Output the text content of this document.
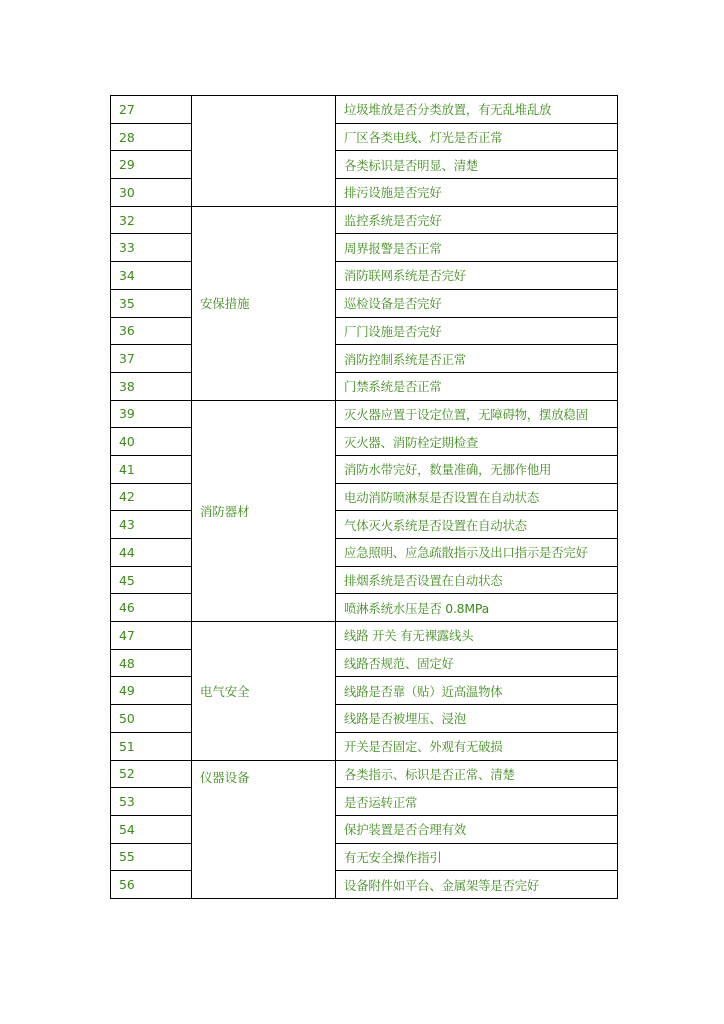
27		垃圾堆放是否分类放置，有无乱堆乱放
28		厂区各类电线、灯光是否正常
29		各类标识是否明显、清楚
30		排污设施是否完好
32	安保措施	监控系统是否完好
33		周界报警是否正常
34		消防联网系统是否完好
35		巡检设备是否完好
36		厂门设施是否完好
37		消防控制系统是否正常
38		门禁系统是否正常
39	消防器材	灭火器应置于设定位置，无障碍物，摆放稳固
40		灭火器、消防栓定期检查
41		消防水带完好，数量准确，无挪作他用
42		电动消防喷淋泵是否设置在自动状态
43		气体灭火系统是否设置在自动状态
44		应急照明、应急疏散指示及出口指示是否完好
45		排烟系统是否设置在自动状态
46		喷淋系统水压是否 0.8MPa
47	电气安全	线路 开关 有无裸露线头
48		线路否规范、固定好
49		线路是否靠（贴）近高温物体
50		线路是否被埋压、浸泡
51		开关是否固定、外观有无破损
52	仪器设备	各类指示、标识是否正常、清楚
53		是否运转正常
54		保护装置是否合理有效
55		有无安全操作指引
56		设备附件如平台、金属架等是否完好
